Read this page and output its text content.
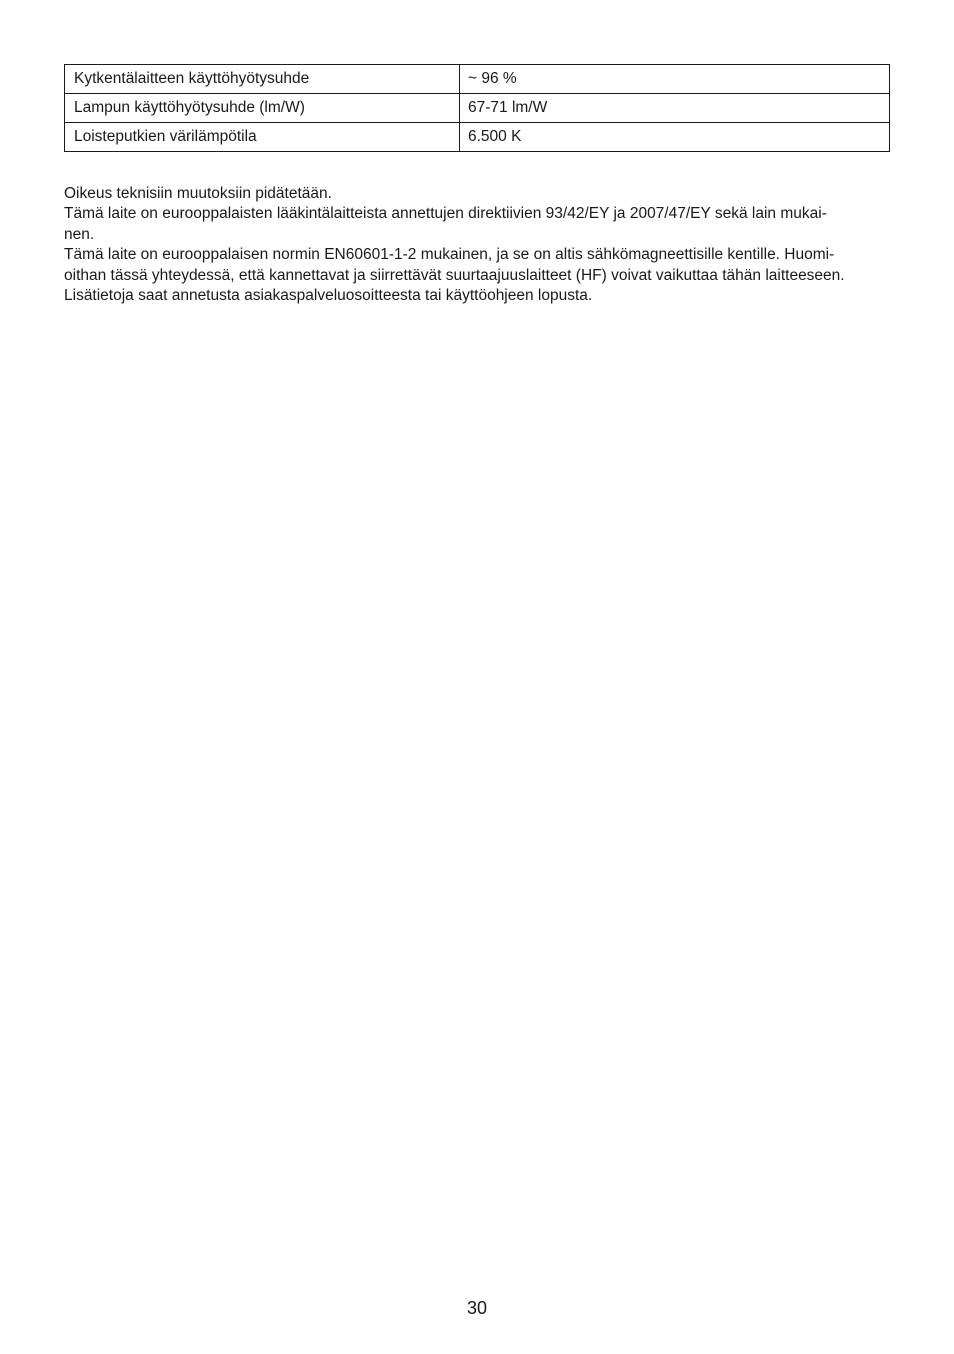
Kytkentälaitteen käyttöhyötysuhde	~ 96 %
Lampun käyttöhyötysuhde (lm/W)	67-71 lm/W
Loisteputkien värilämpötila	6.500 K

Oikeus teknisiin muutoksiin pidätetään.

Tämä laite on eurooppalaisten lääkintälaitteista annettujen direktiivien 93/42/EY ja 2007/47/EY sekä lain mukai-
nen.

Tämä laite on eurooppalaisen normin EN60601-1-2 mukainen, ja se on altis sähkömagneettisille kentille. Huomi-
oithan tässä yhteydessä, että kannettavat ja siirrettävät suurtaajuuslaitteet (HF) voivat vaikuttaa tähän laitteeseen.
Lisätietoja saat annetusta asiakaspalveluosoitteesta tai käyttöohjeen lopusta.

30
